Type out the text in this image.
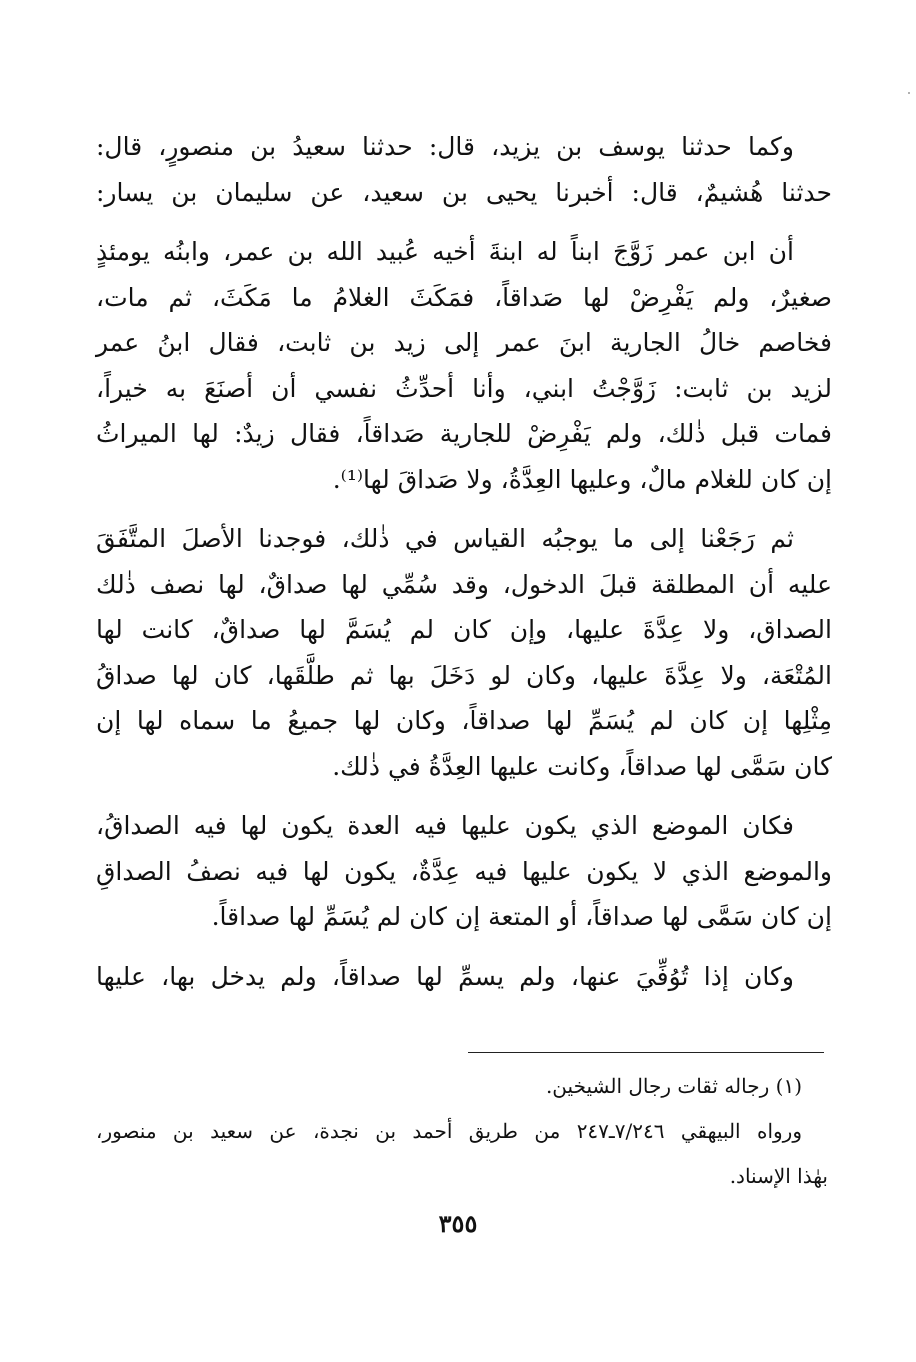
وكما حدثنا يوسف بن يزيد، قال: حدثنا سعيدُ بن منصورٍ، قال:
حدثنا هُشيمٌ، قال: أخبرنا يحيى بن سعيد، عن سليمان بن يسار:
أن ابن عمر زَوَّجَ ابناً له ابنةَ أخيه عُبيد الله بن عمر، وابنُه يومئذٍ
صغيرٌ، ولم يَفْرِضْ لها صَداقاً، فمَكَثَ الغلامُ ما مَكَثَ، ثم مات،
فخاصم خالُ الجارية ابنَ عمر إلى زيد بن ثابت، فقال ابنُ عمر
لزيد بن ثابت: زَوَّجْتُ ابني، وأنا أحدِّثُ نفسي أن أصنَعَ به خيراً،
فمات قبل ذٰلك، ولم يَفْرِضْ للجارية صَداقاً، فقال زيدٌ: لها الميراثُ
إن كان للغلام مالٌ، وعليها العِدَّةُ، ولا صَداقَ لها⁽¹⁾.
ثم رَجَعْنا إلى ما يوجبُه القياس في ذٰلك، فوجدنا الأصلَ المتَّفَقَ
عليه أن المطلقة قبلَ الدخول، وقد سُمِّي لها صداقٌ، لها نصف ذٰلك
الصداق، ولا عِدَّةَ عليها، وإن كان لم يُسَمَّ لها صداقٌ، كانت لها
المُتْعَة، ولا عِدَّةَ عليها، وكان لو دَخَلَ بها ثم طلَّقَها، كان لها صداقُ
مِثْلِها إن كان لم يُسَمِّ لها صداقاً، وكان لها جميعُ ما سماه لها إن
كان سَمَّى لها صداقاً، وكانت عليها العِدَّةُ في ذٰلك.
فكان الموضع الذي يكون عليها فيه العدة يكون لها فيه الصداقُ،
والموضع الذي لا يكون عليها فيه عِدَّةٌ، يكون لها فيه نصفُ الصداقِ
إن كان سَمَّى لها صداقاً، أو المتعة إن كان لم يُسَمِّ لها صداقاً.
وكان إذا تُوُفِّيَ عنها، ولم يسمِّ لها صداقاً، ولم يدخل بها، عليها
(١) رجاله ثقات رجال الشيخين.
ورواه البيهقي ٧/٢٤٦ـ٢٤٧ من طريق أحمد بن نجدة، عن سعيد بن منصور،
بهٰذا الإسناد.
٣٥٥
